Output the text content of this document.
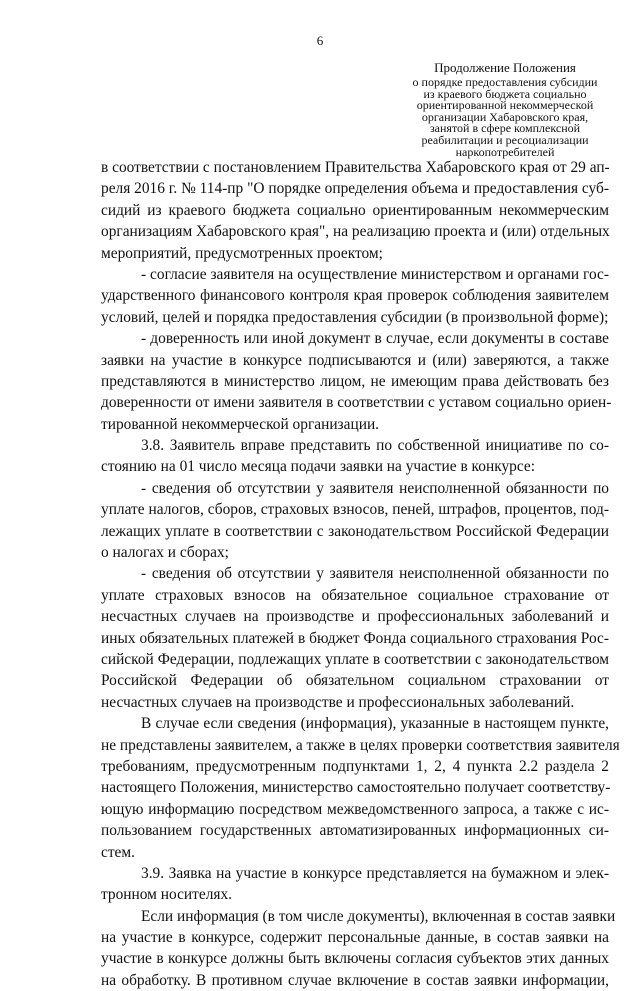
6
Продолжение Положения
о порядке предоставления субсидии
из краевого бюджета социально
ориентированной некоммерческой
организации Хабаровского края,
занятой в сфере комплексной
реабилитации и ресоциализации
наркопотребителей
в соответствии с постановлением Правительства Хабаровского края от 29 ап-
реля 2016 г. № 114-пр "О порядке определения объема и предоставления суб-
сидий из краевого бюджета социально ориентированным некоммерческим
организациям Хабаровского края", на реализацию проекта и (или) отдельных
мероприятий, предусмотренных проектом;
- согласие заявителя на осуществление министерством и органами гос-
ударственного финансового контроля края проверок соблюдения заявителем
условий, целей и порядка предоставления субсидии (в произвольной форме);
- доверенность или иной документ в случае, если документы в составе
заявки на участие в конкурсе подписываются и (или) заверяются, а также
представляются в министерство лицом, не имеющим права действовать без
доверенности от имени заявителя в соответствии с уставом социально ориен-
тированной некоммерческой организации.
3.8. Заявитель вправе представить по собственной инициативе по со-
стоянию на 01 число месяца подачи заявки на участие в конкурсе:
- сведения об отсутствии у заявителя неисполненной обязанности по
уплате налогов, сборов, страховых взносов, пеней, штрафов, процентов, под-
лежащих уплате в соответствии с законодательством Российской Федерации
о налогах и сборах;
- сведения об отсутствии у заявителя неисполненной обязанности по
уплате страховых взносов на обязательное социальное страхование от
несчастных случаев на производстве и профессиональных заболеваний и
иных обязательных платежей в бюджет Фонда социального страхования Рос-
сийской Федерации, подлежащих уплате в соответствии с законодательством
Российской Федерации об обязательном социальном страховании от
несчастных случаев на производстве и профессиональных заболеваний.
В случае если сведения (информация), указанные в настоящем пункте,
не представлены заявителем, а также в целях проверки соответствия заявителя
требованиям, предусмотренным подпунктами 1, 2, 4 пункта 2.2 раздела 2
настоящего Положения, министерство самостоятельно получает соответству-
ющую информацию посредством межведомственного запроса, а также с ис-
пользованием государственных автоматизированных информационных си-
стем.
3.9. Заявка на участие в конкурсе представляется на бумажном и элек-
тронном носителях.
Если информация (в том числе документы), включенная в состав заявки
на участие в конкурсе, содержит персональные данные, в состав заявки на
участие в конкурсе должны быть включены согласия субъектов этих данных
на обработку. В противном случае включение в состав заявки информации,
